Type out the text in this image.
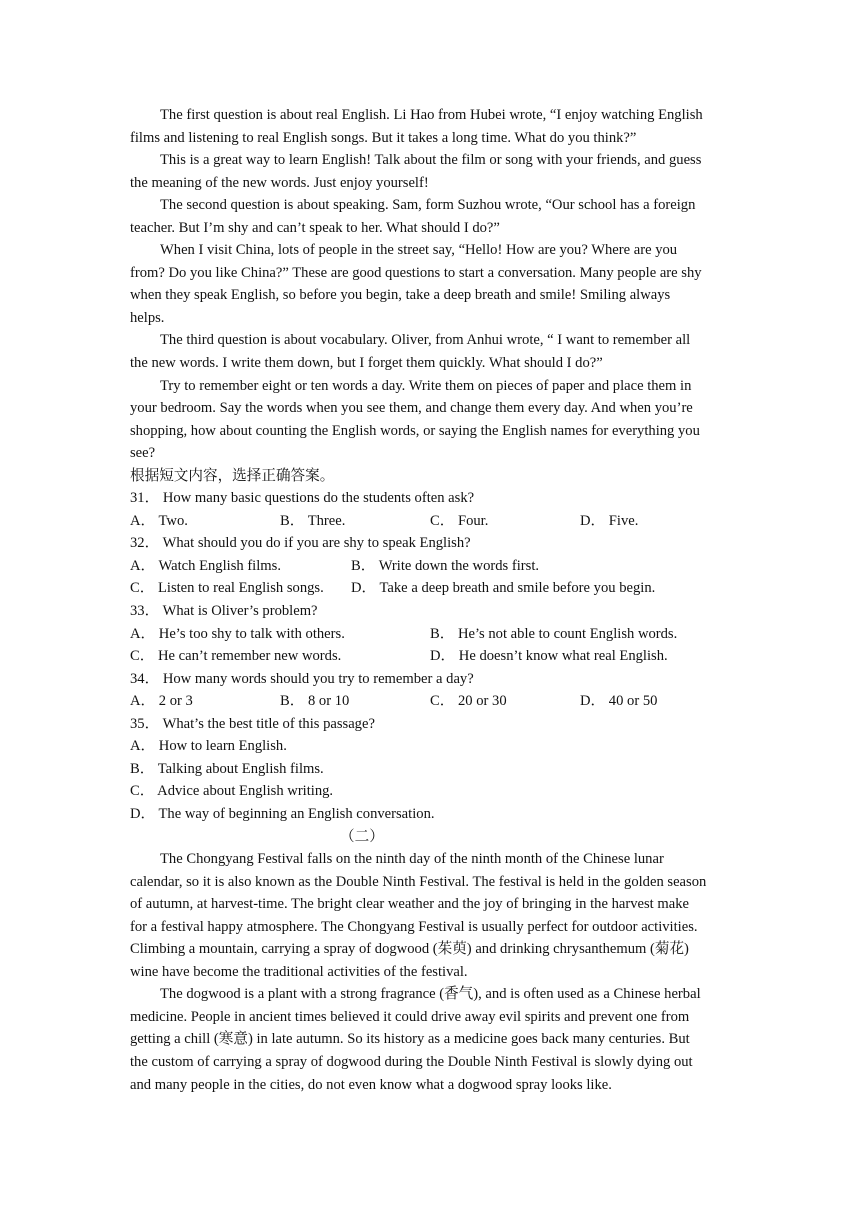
The first question is about real English. Li Hao from Hubei wrote, “I enjoy watching English
films and listening to real English songs. But it takes a long time. What do you think?”
This is a great way to learn English! Talk about the film or song with your friends, and guess
the meaning of the new words. Just enjoy yourself!
The second question is about speaking. Sam, form Suzhou wrote, “Our school has a foreign
teacher. But I’m shy and can’t speak to her. What should I do?”
When I visit China, lots of people in the street say, “Hello! How are you? Where are you
from? Do you like China?” These are good questions to start a conversation. Many people are shy
when they speak English, so before you begin, take a deep breath and smile! Smiling always
helps.
The third question is about vocabulary. Oliver, from Anhui wrote, “ I want to remember all
the new words. I write them down, but I forget them quickly. What should I do?”
Try to remember eight or ten words a day. Write them on pieces of paper and place them in
your bedroom. Say the words when you see them, and change them every day. And when you’re
shopping, how about counting the English words, or saying the English names for everything you
see?
根据短文内容，选择正确答案。
31． How many basic questions do the students often ask?
A． Two.	B． Three.	C． Four.	D． Five.
32． What should you do if you are shy to speak English?
A． Watch English films.	B． Write down the words first.
C． Listen to real English songs. D． Take a deep breath and smile before you begin.
33． What is Oliver’s problem?
A． He’s too shy to talk with others.	B． He’s not able to count English words.
C． He can’t remember new words.	D． He doesn’t know what real English.
34． How many words should you try to remember a day?
A． 2 or 3	B． 8 or 10	C． 20 or 30	D． 40 or 50
35． What’s the best title of this passage?
A． How to learn English.
B． Talking about English films.
C． Advice about English writing.
D． The way of beginning an English conversation.
（二）
The Chongyang Festival falls on the ninth day of the ninth month of the Chinese lunar
calendar, so it is also known as the Double Ninth Festival. The festival is held in the golden season
of autumn, at harvest-time. The bright clear weather and the joy of bringing in the harvest make
for a festival happy atmosphere. The Chongyang Festival is usually perfect for outdoor activities.
Climbing a mountain, carrying a spray of dogwood (茱萸) and drinking chrysanthemum (菊花)
wine have become the traditional activities of the festival.
The dogwood is a plant with a strong fragrance (香气), and is often used as a Chinese herbal
medicine. People in ancient times believed it could drive away evil spirits and prevent one from
getting a chill (寒意) in late autumn. So its history as a medicine goes back many centuries. But
the custom of carrying a spray of dogwood during the Double Ninth Festival is slowly dying out
and many people in the cities, do not even know what a dogwood spray looks like.
